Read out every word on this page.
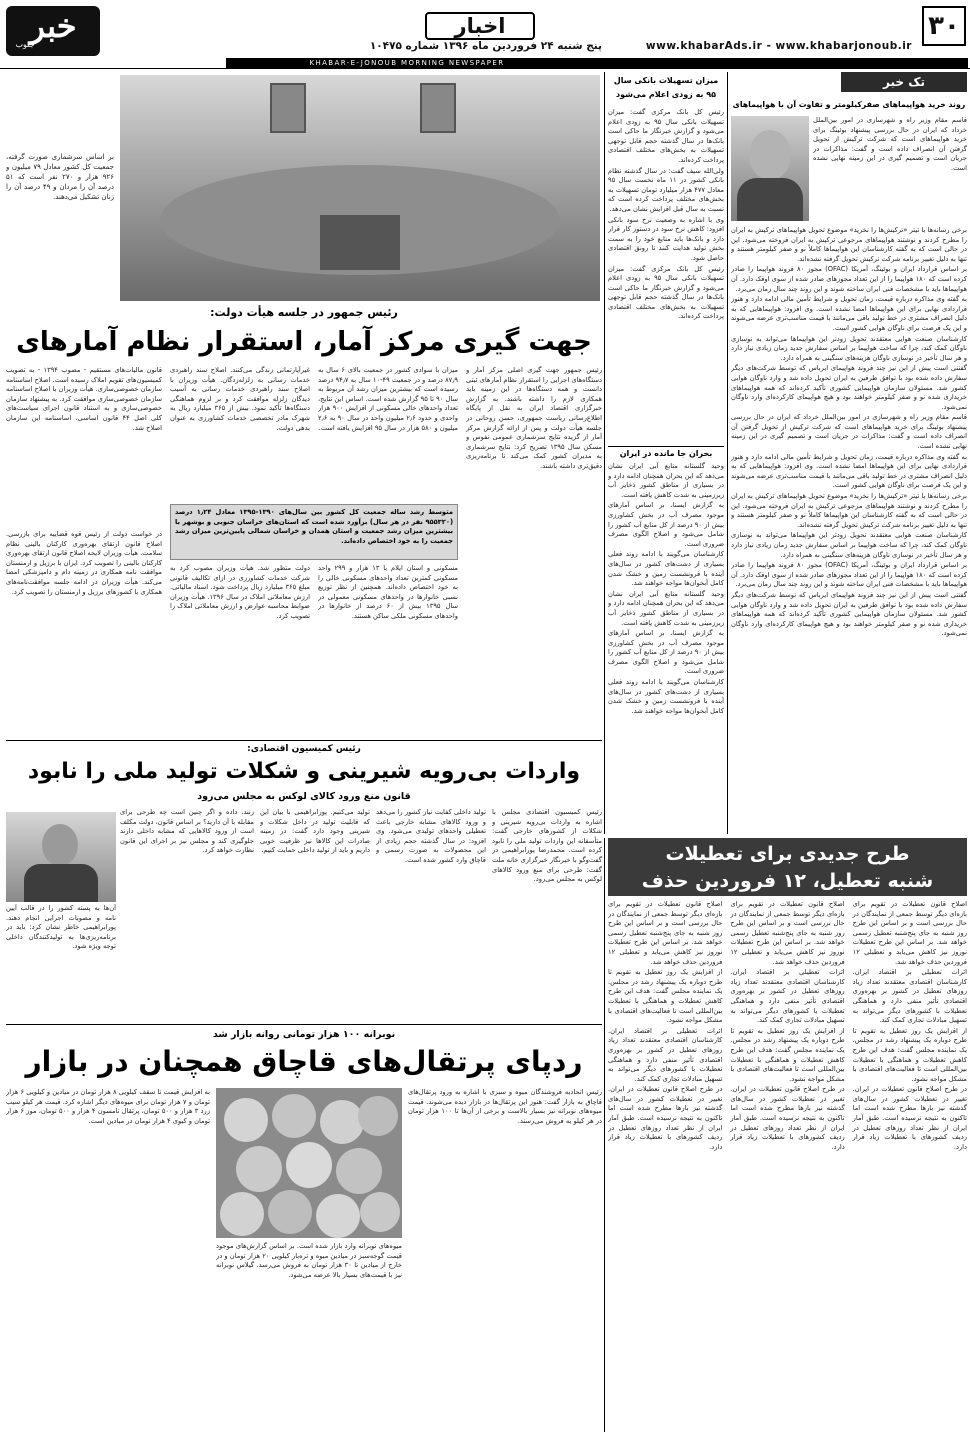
۳۰
www.khabarAds.ir - www.khabarjonoub.ir
اخبار
پنج شنبه ۲۴ فروردین ماه ۱۳۹۶ شماره ۱۰۴۷۵
خبر
جنوب
KHABAR-E-JONOUB MORNING NEWSPAPER
تک خبر
روند خرید هواپیماهای صفرکیلومتر و تفاوت آن با هواپیماهای

قاسم مقام وزیر راه و شهرسازی در امور بین‌الملل خرداد که ایران در حال بررسی پیشنهاد بوئینگ برای خرید هواپیماهای است که شرکت ترکیش از تحویل گرفتن آن انصراف داده است و گفت: مذاکرات در جریان است و تصمیم گیری در این زمینه نهایی نشده است.

برخی رسانه‌ها با تیتر «ترکیش‌ها را نخرید» موضوع تحویل هواپیماهای ترکیش به ایران را مطرح کردند و نوشتند هواپیماهای مرجوعی ترکیش به ایران فروخته می‌شود. این در حالی است که به گفته کارشناسان این هواپیماها کاملاً نو و صفر کیلومتر هستند و تنها به دلیل تغییر برنامه شرکت ترکیش تحویل گرفته نشده‌اند.

بر اساس قرارداد ایران و بوئینگ، آمریکا (OFAC) مجوز ۸۰ فروند هواپیما را صادر کرده است که ۱۸۰ هواپیما را از این تعداد مجوزهای صادر شده از سوی اوفک دارد. آن هواپیماها باید با مشخصات فنی ایران ساخته شوند و این روند چند سال زمان می‌برد.

به گفته وی مذاکره درباره قیمت، زمان تحویل و شرایط تأمین مالی ادامه دارد و هنوز قراردادی نهایی برای این هواپیماها امضا نشده است. وی افزود: هواپیماهایی که به دلیل انصراف مشتری در خط تولید باقی می‌مانند با قیمت مناسب‌تری عرضه می‌شوند و این یک فرصت برای ناوگان هوایی کشور است.

کارشناسان صنعت هوایی معتقدند تحویل زودتر این هواپیماها می‌تواند به نوسازی ناوگان کمک کند، چرا که ساخت هواپیما بر اساس سفارش جدید زمان زیادی نیاز دارد و هر سال تأخیر در نوسازی ناوگان هزینه‌های سنگینی به همراه دارد.

گفتنی است پیش از این نیز چند فروند هواپیمای ایرباس که توسط شرکت‌های دیگر سفارش داده شده بود با توافق طرفین به ایران تحویل داده شد و وارد ناوگان هوایی کشور شد. مسئولان سازمان هواپیمایی کشوری تأکید کرده‌اند که همه هواپیماهای خریداری شده نو و صفر کیلومتر خواهند بود و هیچ هواپیمای کارکرده‌ای وارد ناوگان نمی‌شود.

قاسم مقام وزیر راه و شهرسازی در امور بین‌الملل خرداد که ایران در حال بررسی پیشنهاد بوئینگ برای خرید هواپیماهای است که شرکت ترکیش از تحویل گرفتن آن انصراف داده است و گفت: مذاکرات در جریان است و تصمیم گیری در این زمینه نهایی نشده است.

به گفته وی مذاکره درباره قیمت، زمان تحویل و شرایط تأمین مالی ادامه دارد و هنوز قراردادی نهایی برای این هواپیماها امضا نشده است. وی افزود: هواپیماهایی که به دلیل انصراف مشتری در خط تولید باقی می‌مانند با قیمت مناسب‌تری عرضه می‌شوند و این یک فرصت برای ناوگان هوایی کشور است.

برخی رسانه‌ها با تیتر «ترکیش‌ها را نخرید» موضوع تحویل هواپیماهای ترکیش به ایران را مطرح کردند و نوشتند هواپیماهای مرجوعی ترکیش به ایران فروخته می‌شود. این در حالی است که به گفته کارشناسان این هواپیماها کاملاً نو و صفر کیلومتر هستند و تنها به دلیل تغییر برنامه شرکت ترکیش تحویل گرفته نشده‌اند.

کارشناسان صنعت هوایی معتقدند تحویل زودتر این هواپیماها می‌تواند به نوسازی ناوگان کمک کند، چرا که ساخت هواپیما بر اساس سفارش جدید زمان زیادی نیاز دارد و هر سال تأخیر در نوسازی ناوگان هزینه‌های سنگینی به همراه دارد.

بر اساس قرارداد ایران و بوئینگ، آمریکا (OFAC) مجوز ۸۰ فروند هواپیما را صادر کرده است که ۱۸۰ هواپیما را از این تعداد مجوزهای صادر شده از سوی اوفک دارد. آن هواپیماها باید با مشخصات فنی ایران ساخته شوند و این روند چند سال زمان می‌برد.

گفتنی است پیش از این نیز چند فروند هواپیمای ایرباس که توسط شرکت‌های دیگر سفارش داده شده بود با توافق طرفین به ایران تحویل داده شد و وارد ناوگان هوایی کشور شد. مسئولان سازمان هواپیمایی کشوری تأکید کرده‌اند که همه هواپیماهای خریداری شده نو و صفر کیلومتر خواهند بود و هیچ هواپیمای کارکرده‌ای وارد ناوگان نمی‌شود.

میزان تسهیلات بانکی سال
۹۵ به زودی اعلام می‌شود

رئیس کل بانک مرکزی گفت: میزان تسهیلات بانکی سال ۹۵ به زودی اعلام می‌شود و گزارش خبرنگار ما حاکی است بانک‌ها در سال گذشته حجم قابل توجهی تسهیلات به بخش‌های مختلف اقتصادی پرداخت کرده‌اند.

ولی‌الله سیف گفت: در سال گذشته نظام بانکی کشور در ۱۱ ماه نخست سال ۹۵ معادل ۴۷۷ هزار میلیارد تومان تسهیلات به بخش‌های مختلف پرداخت کرده است که نسبت به سال قبل افزایش نشان می‌دهد.

وی با اشاره به وضعیت نرخ سود بانکی افزود: کاهش نرخ سود در دستور کار قرار دارد و بانک‌ها باید منابع خود را به سمت بخش تولید هدایت کنند تا رونق اقتصادی حاصل شود.

رئیس کل بانک مرکزی گفت: میزان تسهیلات بانکی سال ۹۵ به زودی اعلام می‌شود و گزارش خبرنگار ما حاکی است بانک‌ها در سال گذشته حجم قابل توجهی تسهیلات به بخش‌های مختلف اقتصادی پرداخت کرده‌اند.

بحران جا مانده در ایران

وحید گلستانه منابع آبی ایران نشان می‌دهد که این بحران همچنان ادامه دارد و در بسیاری از مناطق کشور ذخایر آب زیرزمینی به شدت کاهش یافته است.

به گزارش ایسنا، بر اساس آمارهای موجود مصرف آب در بخش کشاورزی بیش از ۹۰ درصد از کل منابع آب کشور را شامل می‌شود و اصلاح الگوی مصرف ضروری است.

کارشناسان می‌گویند با ادامه روند فعلی بسیاری از دشت‌های کشور در سال‌های آینده با فرونشست زمین و خشک شدن کامل آبخوان‌ها مواجه خواهند شد.

وحید گلستانه منابع آبی ایران نشان می‌دهد که این بحران همچنان ادامه دارد و در بسیاری از مناطق کشور ذخایر آب زیرزمینی به شدت کاهش یافته است.

به گزارش ایسنا، بر اساس آمارهای موجود مصرف آب در بخش کشاورزی بیش از ۹۰ درصد از کل منابع آب کشور را شامل می‌شود و اصلاح الگوی مصرف ضروری است.

کارشناسان می‌گویند با ادامه روند فعلی بسیاری از دشت‌های کشور در سال‌های آینده با فرونشست زمین و خشک شدن کامل آبخوان‌ها مواجه خواهند شد.

بر اساس سرشماری صورت گرفته، جمعیت کل کشور معادل ۷۹ میلیون و ۹۲۶ هزار و ۲۷۰ نفر است که ۵۱ درصد آن را مردان و ۴۹ درصد آن را زنان تشکیل می‌دهند.
رئیس جمهور در جلسه هیأت دولت:
جهت گیری مرکز آمار، استقرار نظام آمارهای
رئیس جمهور جهت گیری اصلی مرکز آمار و دستگاه‌های اجرایی را استقرار نظام آمارهای ثبتی دانست و همه دستگاه‌ها در این زمینه باید همکاری لازم را داشته باشند. به گزارش خبرگزاری اقتصاد ایران به نقل از پایگاه اطلاع‌رسانی ریاست جمهوری، حسن روحانی در جلسه هیأت دولت و پس از ارائه گزارش مرکز آمار از گزیده نتایج سرشماری عمومی نفوس و مسکن سال ۱۳۹۵ تصریح کرد: نتایج سرشماری به مدیران کشور کمک می‌کند تا برنامه‌ریزی دقیق‌تری داشته باشند.
میزان با سوادی کشور در جمعیت بالای ۶ سال به ۸۷٫۹ درصد و در جمعیت ۴۹-۱۰ سال به ۹۴٫۷ درصد رسیده است که بیشترین میزان رشد آن مربوط به سال ۹۰ تا ۹۵ گزارش شده است. اساس این نتایج، تعداد واحدهای خالی مسکونی از افزایش ۹۰۰ هزار واحدی و حدود ۲٫۶ میلیون واحد در سال ۹۰ به ۲٫۶ میلیون و ۵۸۰ هزار در سال ۹۵ افزایش یافته است.
غیرآپارتمانی زندگی می‌کنند. اصلاح سند راهبردی خدمات رسانی به زلزله‌زدگان. هیأت وزیران با اصلاح سند راهبردی خدمات رسانی به آسیب دیدگان زلزله موافقت کرد و بر لزوم هماهنگی دستگاه‌ها تأکید نمود. بیش از ۳۶۵ میلیارد ریال به شهرک مادر تخصصی خدمات کشاورزی به عنوان بدهی دولت.
قانون مالیات‌های مستقیم - مصوب ۱۳۹۴ - به تصویب کمیسیون‌های تقویم املاک رسیده است. اصلاح اساسنامه سازمان خصوصی‌سازی. هیأت وزیران با اصلاح اساسنامه سازمان خصوصی‌سازی موافقت کرد. به پیشنهاد سازمان خصوصی‌سازی و به استناد قانون اجرای سیاست‌های کلی اصل ۴۴ قانون اساسی، اساسنامه این سازمان اصلاح شد.
متوسط رشد ساله جمعیت کل کشور بین سال‌های ۱۳۹۰-۱۳۹۵ معادل ۱٫۲۴ درصد (۹۵۵۳۲۰ نفر در هر سال) برآورد شده است که استان‌های خراسان جنوبی و بوشهر با بیشترین میزان رشد جمعیت و استان همدان و خراسان شمالی پایین‌ترین میزان رشد جمعیت را به خود اختصاص داده‌اند.
مسکونی و استان ایلام با ۱۳ هزار و ۲۹۹ واحد مسکونی کمترین تعداد واحدهای مسکونی خالی را به خود اختصاص داده‌اند. همچنین از نظر توزیع نسبی خانوارها در واحدهای مسکونی معمولی در سال ۱۳۹۵ بیش از ۶۰ درصد از خانوارها در واحدهای مسکونی ملکی ساکن هستند.
دولت متظور شد. هیأت وزیران مصوب کرد به شرکت خدمات کشاورزی در ازای تکالیف قانونی مبلغ ۳۶۵ میلیارد ریال پرداخت شود. اسناد مالیاتی. ارزش معاملاتی املاک در سال ۱۳۹۶. هیأت وزیران ضوابط محاسبه عوارض و ارزش معاملاتی املاک را تصویب کرد.
در خواست دولت از رئیس قوه قضاییه برای بازرسی. اصلاح قانون ارتقای بهره‌وری کارکنان بالینی نظام سلامت. هیأت وزیران لایحه اصلاح قانون ارتقای بهره‌وری کارکنان بالینی را تصویب کرد. ایران با برزیل و ارمنستان موافقت نامه همکاری در زمینه دام و دامپزشکی امضا می‌کند. هیأت وزیران در ادامه جلسه موافقت‌نامه‌های همکاری با کشورهای برزیل و ارمنستان را تصویب کرد.
طرح جدیدی برای تعطیلات
شنبه تعطیل، ۱۲ فروردین حذف

اصلاح قانون تعطیلات در تقویم برای بازه‌ای دیگر توسط جمعی از نمایندگان در حال بررسی است و بر اساس این طرح روز شنبه به جای پنج‌شنبه تعطیل رسمی خواهد شد. بر اساس این طرح تعطیلات نوروز نیز کاهش می‌یابد و تعطیلی ۱۲ فروردین حذف خواهد شد.

اثرات تعطیلی بر اقتصاد ایران. کارشناسان اقتصادی معتقدند تعداد زیاد روزهای تعطیل در کشور بر بهره‌وری اقتصادی تأثیر منفی دارد و هماهنگی تعطیلات با کشورهای دیگر می‌تواند به تسهیل مبادلات تجاری کمک کند.

از افزایش یک روز تعطیل به تقویم تا طرح دوباره یک پیشنهاد رشد در مجلس. یک نماینده مجلس گفت: هدف این طرح کاهش تعطیلات و هماهنگی با تعطیلات بین‌المللی است تا فعالیت‌های اقتصادی با مشکل مواجه نشود.

در طرح اصلاح قانون تعطیلات در ایران. تغییر در تعطیلات کشور در سال‌های گذشته نیز بارها مطرح شده است اما تاکنون به نتیجه نرسیده است. طبق آمار ایران از نظر تعداد روزهای تعطیل در ردیف کشورهای با تعطیلات زیاد قرار دارد.

اصلاح قانون تعطیلات در تقویم برای بازه‌ای دیگر توسط جمعی از نمایندگان در حال بررسی است و بر اساس این طرح روز شنبه به جای پنج‌شنبه تعطیل رسمی خواهد شد. بر اساس این طرح تعطیلات نوروز نیز کاهش می‌یابد و تعطیلی ۱۲ فروردین حذف خواهد شد.

اثرات تعطیلی بر اقتصاد ایران. کارشناسان اقتصادی معتقدند تعداد زیاد روزهای تعطیل در کشور بر بهره‌وری اقتصادی تأثیر منفی دارد و هماهنگی تعطیلات با کشورهای دیگر می‌تواند به تسهیل مبادلات تجاری کمک کند.

از افزایش یک روز تعطیل به تقویم تا طرح دوباره یک پیشنهاد رشد در مجلس. یک نماینده مجلس گفت: هدف این طرح کاهش تعطیلات و هماهنگی با تعطیلات بین‌المللی است تا فعالیت‌های اقتصادی با مشکل مواجه نشود.

در طرح اصلاح قانون تعطیلات در ایران. تغییر در تعطیلات کشور در سال‌های گذشته نیز بارها مطرح شده است اما تاکنون به نتیجه نرسیده است. طبق آمار ایران از نظر تعداد روزهای تعطیل در ردیف کشورهای با تعطیلات زیاد قرار دارد.

اصلاح قانون تعطیلات در تقویم برای بازه‌ای دیگر توسط جمعی از نمایندگان در حال بررسی است و بر اساس این طرح روز شنبه به جای پنج‌شنبه تعطیل رسمی خواهد شد. بر اساس این طرح تعطیلات نوروز نیز کاهش می‌یابد و تعطیلی ۱۲ فروردین حذف خواهد شد.

از افزایش یک روز تعطیل به تقویم تا طرح دوباره یک پیشنهاد رشد در مجلس. یک نماینده مجلس گفت: هدف این طرح کاهش تعطیلات و هماهنگی با تعطیلات بین‌المللی است تا فعالیت‌های اقتصادی با مشکل مواجه نشود.

اثرات تعطیلی بر اقتصاد ایران. کارشناسان اقتصادی معتقدند تعداد زیاد روزهای تعطیل در کشور بر بهره‌وری اقتصادی تأثیر منفی دارد و هماهنگی تعطیلات با کشورهای دیگر می‌تواند به تسهیل مبادلات تجاری کمک کند.

در طرح اصلاح قانون تعطیلات در ایران. تغییر در تعطیلات کشور در سال‌های گذشته نیز بارها مطرح شده است اما تاکنون به نتیجه نرسیده است. طبق آمار ایران از نظر تعداد روزهای تعطیل در ردیف کشورهای با تعطیلات زیاد قرار دارد.

رئیس کمیسیون اقتصادی:
واردات بی‌رویه شیرینی و شکلات تولید ملی را نابود
قانون منع ورود کالای لوکس به مجلس می‌رود
رئیس کمیسیون اقتصادی مجلس با اشاره به واردات بی‌رویه شیرینی و شکلات از کشورهای خارجی گفت: متأسفانه این واردات تولید ملی را نابود کرده است. محمدرضا پورابراهیمی در گفت‌وگو با خبرنگار خبرگزاری خانه ملت گفت: طرحی برای منع ورود کالاهای لوکس به مجلس می‌رود.
تولید داخلی کفایت نیاز کشور را می‌دهد و ورود کالاهای مشابه خارجی باعث تعطیلی واحدهای تولیدی می‌شود. وی افزود: در سال گذشته حجم زیادی از این محصولات به صورت رسمی و قاچاق وارد کشور شده است.
تولید می‌کنیم. پورابراهیمی با بیان این که قابلیت تولید در داخل شکلات و شیرینی وجود دارد گفت: در زمینه صادرات این کالاها نیز ظرفیت خوبی داریم و باید از تولید داخلی حمایت کنیم.
زنند. داده و اگر چنین است چه طرحی برای مقابله با آن دارید؟ بر اساس قانون، دولت مکلف است از ورود کالاهایی که مشابه داخلی دارند جلوگیری کند و مجلس نیز بر اجرای این قانون نظارت خواهد کرد.
آن‌ها به پسته کشور را در قالب آیین نامه و مصوبات اجرایی انجام دهند. پورابراهیمی خاطر نشان کرد: باید در برنامه‌ریزی‌ها به تولیدکنندگان داخلی توجه ویژه شود.
نوبرانه ۱۰۰ هزار تومانی روانه بازار شد
ردپای پرتقال‌های قاچاق همچنان در بازار
رئیس اتحادیه فروشندگان میوه و سبزی با اشاره به ورود پرتقال‌های قاچاق به بازار گفت: هنوز این پرتقال‌ها در بازار دیده می‌شوند. قیمت میوه‌های نوبرانه نیز بسیار بالاست و برخی از آن‌ها تا ۱۰۰ هزار تومان در هر کیلو به فروش می‌رسند.
میوه‌های نوبرانه وارد بازار شده است. بر اساس گزارش‌های موجود قیمت گوجه‌سبز در میادین میوه و تره‌بار کیلویی ۲۰ هزار تومان و در خارج از میادین تا ۳۰ هزار تومان به فروش می‌رسد. گیلاس نوبرانه نیز با قیمت‌های بسیار بالا عرضه می‌شود.
به افزایش قیمت تا سقف کیلویی ۸ هزار تومان در میادین و کیلویی ۶ هزار تومان و ۷ هزار تومان برای میوه‌های دیگر اشاره کرد. قیمت هر کیلو سیب زرد ۳ هزار و ۵۰۰ تومان، پرتقال تامسون ۴ هزار و ۵۰۰ تومان، موز ۶ هزار تومان و کیوی ۴ هزار تومان در میادین است.
